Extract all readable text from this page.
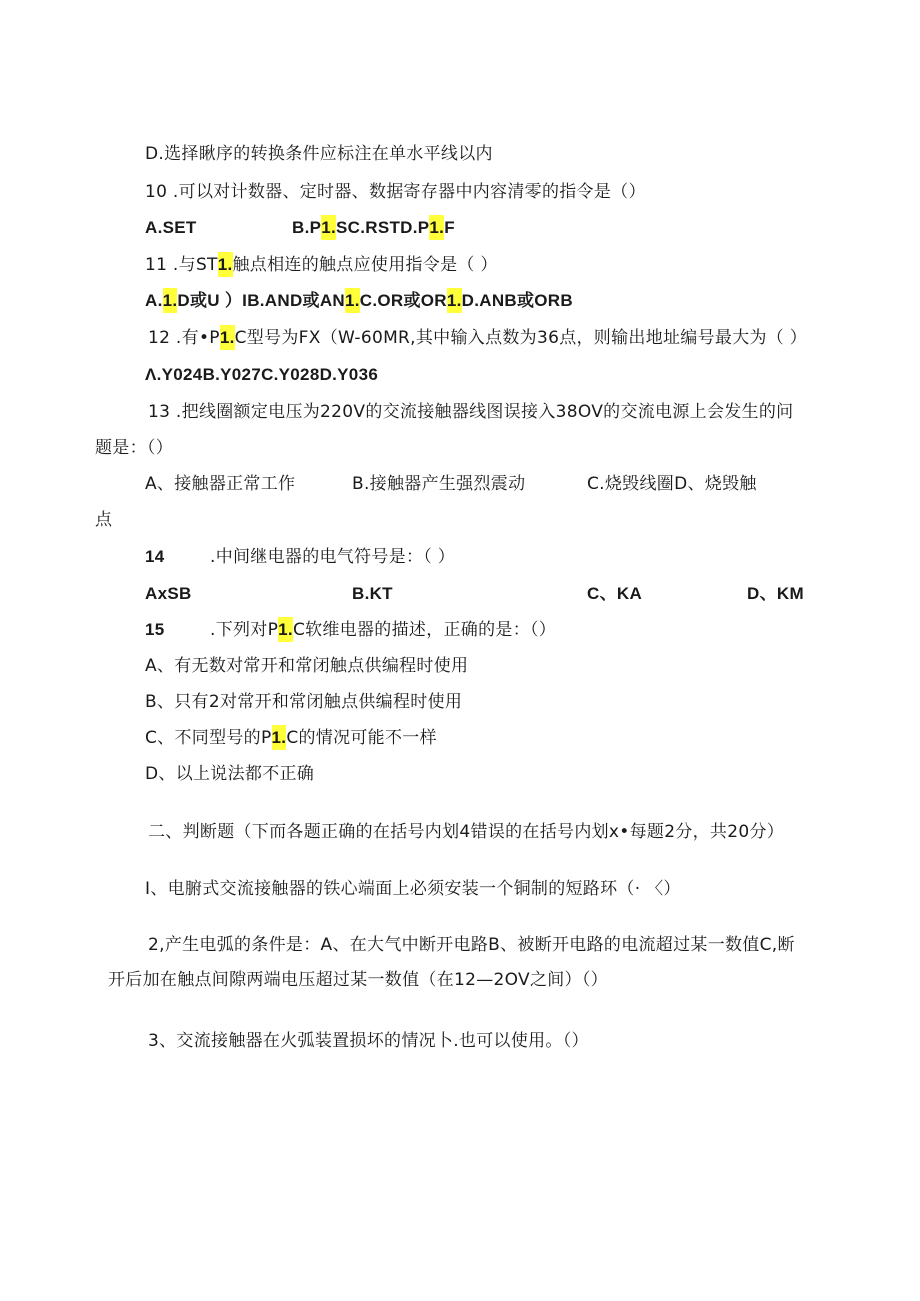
D.选择瞅序的转换条件应标注在单水平线以内
10 .可以对计数器、定时器、数据寄存器中内容清零的指令是（）
A.SET	B.P1.SC.RSTD.P1.F
11 .与ST1.触点相连的触点应使用指令是（ ）
A.1.D或U ）IB.AND或AN1.C.OR或OR1.D.ANB或ORB
12 .有•P1.C型号为FX（W-60MR,其中输入点数为36点，则输出地址编号最大为（ ）
Λ.Y024B.Y027C.Y028D.Y036
13 .把线圈额定电压为220V的交流接触器线图误接入38OV的交流电源上会发生的问
题是：（）
A、接触器正常工作	B.接触器产生强烈震动	C.烧毁线圈D、烧毁触
点
14	.中间继电器的电气符号是：（ ）
AxSB	B.KT	C、KA	D、KM
15	.下列对P1.C软维电器的描述，正确的是：（）
A、有无数对常开和常闭触点供编程时使用
B、只有2对常开和常闭触点供编程时使用
C、不同型号的P1.C的情况可能不一样
D、以上说法都不正确
二、判断题（下而各题正确的在括号内划4错误的在括号内划x•每题2分，共20分）
I、电腑式交流接触器的铁心端面上必须安装一个铜制的短路环（· 〈）
2,产生电弧的条件是：A、在大气中断开电路B、被断开电路的电流超过某一数值C,断
开后加在触点间隙两端电压超过某一数值（在12—2OV之间）（）
3、交流接触器在火弧装置损坏的情况卜.也可以使用。（）
